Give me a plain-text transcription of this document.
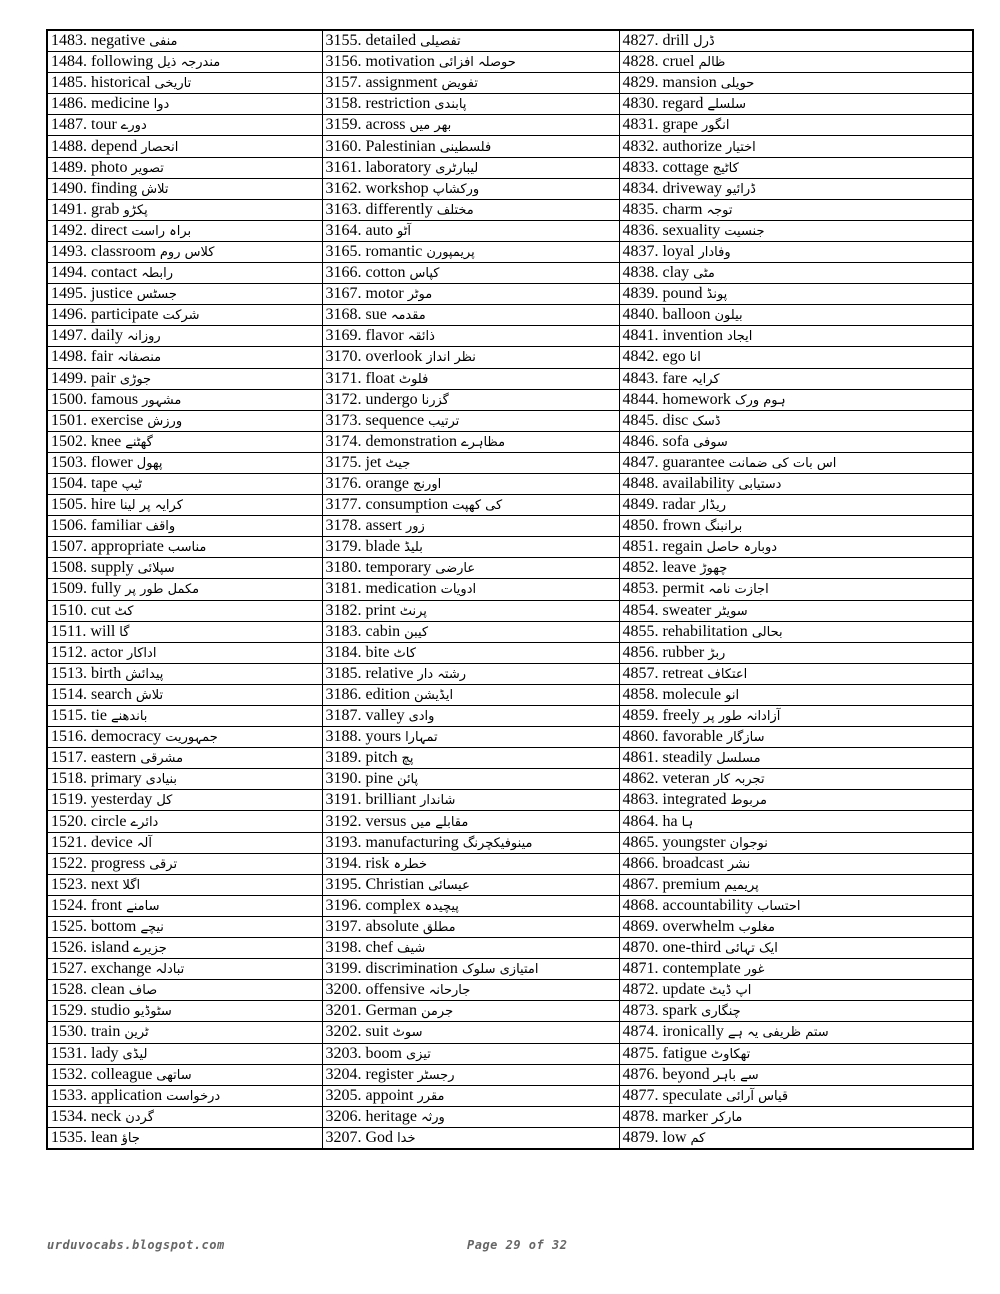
1483. negative منفی	3155. detailed تفصیلی	4827. drill ڈرل
1484. following مندرجہ ذیل	3156. motivation حوصلہ افزائی	4828. cruel ظالم
1485. historical تاریخی	3157. assignment تفویض	4829. mansion حویلی
1486. medicine دوا	3158. restriction پابندی	4830. regard سلسلے
1487. tour دورے	3159. across بھر میں	4831. grape انگور
1488. depend انحصار	3160. Palestinian فلسطینی	4832. authorize اختیار
1489. photo تصویر	3161. laboratory لیبارٹری	4833. cottage کاٹیج
1490. finding تلاش	3162. workshop ورکشاپ	4834. driveway ڈرائیو
1491. grab پکڑو	3163. differently مختلف	4835. charm توجہ
1492. direct براہ راست	3164. auto آٹو	4836. sexuality جنسیت
1493. classroom کلاس روم	3165. romantic پریمپورن	4837. loyal وفادار
1494. contact رابطہ	3166. cotton کپاس	4838. clay مٹی
1495. justice جسٹس	3167. motor موٹر	4839. pound پونڈ
1496. participate شرکت	3168. sue مقدمہ	4840. balloon بیلون
1497. daily روزانہ	3169. flavor ذائقہ	4841. invention ایجاد
1498. fair منصفانہ	3170. overlook نظر انداز	4842. ego انا
1499. pair جوڑی	3171. float فلوٹ	4843. fare کرایہ
1500. famous مشہور	3172. undergo گزرنا	4844. homework ہوم ورک
1501. exercise ورزش	3173. sequence ترتیب	4845. disc ڈسک
1502. knee گھٹنے	3174. demonstration مظاہرے	4846. sofa سوفی
1503. flower پھول	3175. jet جیٹ	4847. guarantee اس بات کی ضمانت
1504. tape ٹیپ	3176. orange اورنج	4848. availability دستیابی
1505. hire کرایہ پر لینا	3177. consumption کی کھپت	4849. radar ریڈار
1506. familiar واقف	3178. assert زور	4850. frown برانبنگ
1507. appropriate مناسب	3179. blade بلیڈ	4851. regain دوبارہ حاصل
1508. supply سپلائی	3180. temporary عارضی	4852. leave چھوڑ
1509. fully مکمل طور پر	3181. medication ادویات	4853. permit اجازت نامہ
1510. cut کٹ	3182. print پرنٹ	4854. sweater سویٹر
1511. will گا	3183. cabin کیبن	4855. rehabilitation بحالی
1512. actor اداکار	3184. bite کاٹ	4856. rubber ربڑ
1513. birth پیدائش	3185. relative رشتہ دار	4857. retreat اعتکاف
1514. search تلاش	3186. edition ایڈیشن	4858. molecule انو
1515. tie باندھنے	3187. valley وادی	4859. freely آزادانہ طور پر
1516. democracy جمہوریت	3188. yours تمہارا	4860. favorable سازگار
1517. eastern مشرقی	3189. pitch پچ	4861. steadily مسلسل
1518. primary بنیادی	3190. pine پائن	4862. veteran تجربہ کار
1519. yesterday کل	3191. brilliant شاندار	4863. integrated مربوط
1520. circle دائرے	3192. versus مقابلے میں	4864. ha ہا
1521. device آلہ	3193. manufacturing مینوفیکچرنگ	4865. youngster نوجوان
1522. progress ترقی	3194. risk خطرہ	4866. broadcast نشر
1523. next اگلا	3195. Christian عیسائی	4867. premium پریمیم
1524. front سامنے	3196. complex پیچیدہ	4868. accountability احتساب
1525. bottom نیچے	3197. absolute مطلق	4869. overwhelm مغلوب
1526. island جزیرے	3198. chef شیف	4870. one-third ایک تہائی
1527. exchange تبادلہ	3199. discrimination امتیازی سلوک	4871. contemplate غور
1528. clean صاف	3200. offensive جارحانہ	4872. update اپ ڈیٹ
1529. studio سٹوڈیو	3201. German جرمن	4873. spark چنگاری
1530. train ٹرین	3202. suit سوٹ	4874. ironically ستم ظریفی یہ ہے
1531. lady لیڈی	3203. boom تیزی	4875. fatigue تھکاوٹ
1532. colleague ساتھی	3204. register رجسٹر	4876. beyond سے باہر
1533. application درخواست	3205. appoint مقرر	4877. speculate قیاس آرائی
1534. neck گردن	3206. heritage ورثہ	4878. marker مارکر
1535. lean جاؤ	3207. God خدا	4879. low کم
urduvocabs.blogspot.com	Page 29 of 32
